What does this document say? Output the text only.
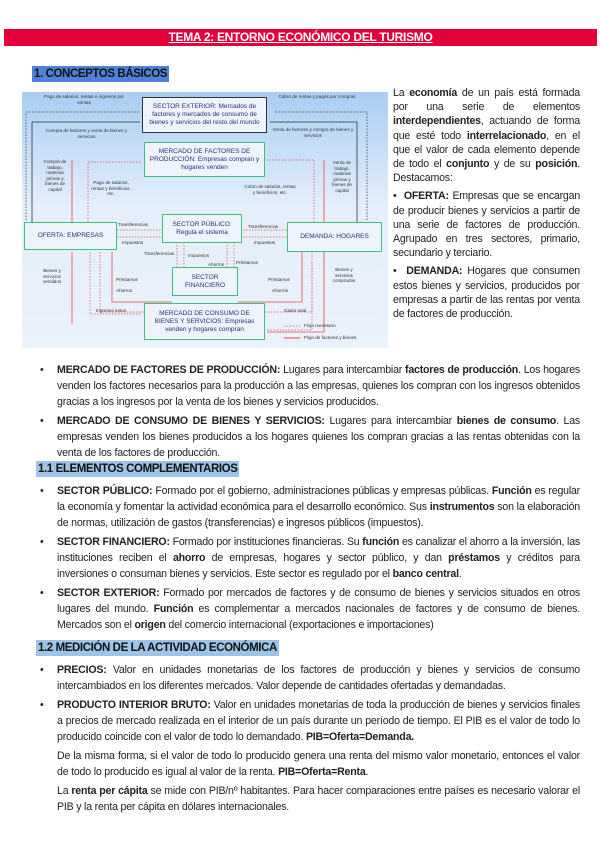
TEMA 2: ENTORNO ECONÓMICO DEL TURISMO
1. CONCEPTOS BÁSICOS
SECTOR EXTERIOR: Mercados de factores y mercados de consumo de bienes y servicios del resto del mundo
MERCADO DE FACTORES DE PRODUCCIÓN: Empresas compran y hogares venden
OFERTA: EMPRESAS
SECTOR PÚBLICO: Regula el sistema
DEMANDA: HOGARES
SECTOR FINANCIERO
MERCADO DE CONSUMO DE BIENES Y SERVICIOS: Empresas venden y hogares compran
Pago de salarios, rentas e ingresos por ventas
Compra de factores y venta de bienes y servicios
Cobro de rentas y pagos por compras
Venta de factores y compra de bienes y servicios
Compra de trabajo, materias primas y bienes de capital
Pago de salarios, rentas y beneficios, etc.
Cobro de salarios, rentas y beneficios, etc.
Venta de trabajo, materias primas y bienes de capital
Transferencias
Impuestos
Transferencias
Impuestos
Transferencias	Impuestos
Ahorros	Préstamos
Préstamos
Ahorros
Préstamos
Ahorros
Bienes y servicios vendidos
Bienes y servicios comprados
Ingresos netos	Gasto total
Flujo monetario
Flujo de factores y bienes

La economía de un país está formada por una serie de elementos interdependientes, actuando de forma que esté todo interrelacionado, en el que el valor de cada elemento depende de todo el conjunto y de su posición. Destacamos:

•  OFERTA: Empresas que se encargan de producir bienes y servicios a partir de una serie de factores de producción. Agrupado en tres sectores, primario, secundario y terciario.

•  DEMANDA: Hogares que consumen estos bienes y servicios, producidos por empresas a partir de las rentas por venta de factores de producción.

• MERCADO DE FACTORES DE PRODUCCIÓN: Lugares para intercambiar factores de producción. Los hogares venden los factores necesarios para la producción a las empresas, quienes los compran con los ingresos obtenidos gracias a los ingresos por la venta de los bienes y servicios producidos.
• MERCADO DE CONSUMO DE BIENES Y SERVICIOS: Lugares para intercambiar bienes de consumo. Las empresas venden los bienes producidos a los hogares quienes los compran gracias a las rentas obtenidas con la venta de los factores de producción.
1.1 ELEMENTOS COMPLEMENTARIOS
• SECTOR PÚBLICO: Formado por el gobierno, administraciones públicas y empresas públicas. Función es regular la economía y fomentar la actividad económica para el desarrollo económico. Sus instrumentos son la elaboración de normas, utilización de gastos (transferencias) e ingresos públicos (impuestos).
• SECTOR FINANCIERO: Formado por instituciones financieras. Su función es canalizar el ahorro a la inversión, las instituciones reciben el ahorro de empresas, hogares y sector público, y dan préstamos y créditos para inversiones o consuman bienes y servicios. Este sector es regulado por el banco central.
• SECTOR EXTERIOR: Formado por mercados de factores y de consumo de bienes y servicios situados en otros lugares del mundo. Función es complementar a mercados nacionales de factores y de consumo de bienes. Mercados son el origen del comercio internacional (exportaciones e importaciones)
1.2 MEDICIÓN DE LA ACTIVIDAD ECONÓMICA
• PRECIOS: Valor en unidades monetarias de los factores de producción y bienes y servicios de consumo intercambiados en los diferentes mercados. Valor depende de cantidades ofertadas y demandadas.
• PRODUCTO INTERIOR BRUTO: Valor en unidades monetarias de toda la producción de bienes y servicios finales a precios de mercado realizada en el interior de un país durante un período de tiempo. El PIB es el valor de todo lo producido coincide con el valor de todo lo demandado. PIB=Oferta=Demanda.
De la misma forma, si el valor de todo lo producido genera una renta del mismo valor monetario, entonces el valor de todo lo producido es igual al valor de la renta. PIB=Oferta=Renta.
La renta per cápita se mide con PIB/nº habitantes. Para hacer comparaciones entre países es necesario valorar el PIB y la renta per cápita en dólares internacionales.
